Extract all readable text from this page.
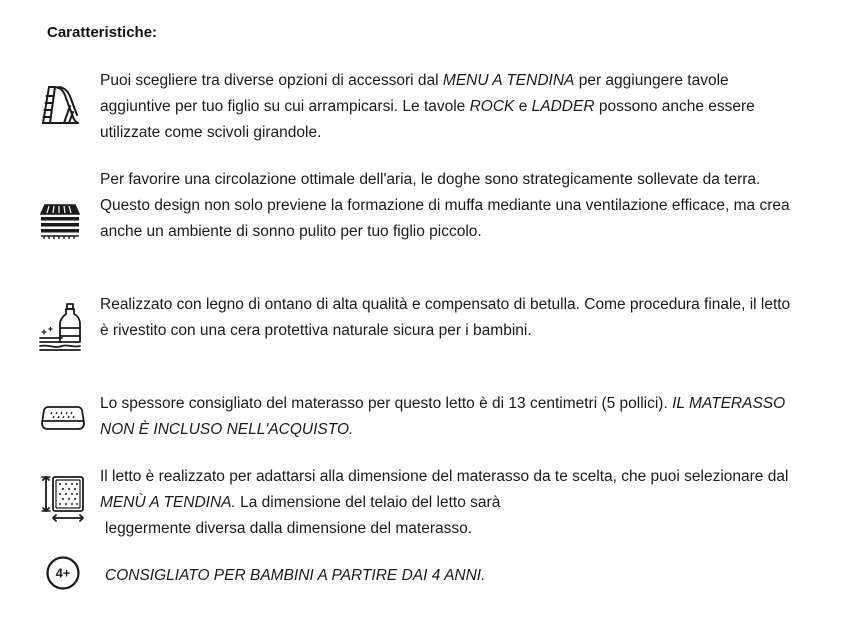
Caratteristiche:
Puoi scegliere tra diverse opzioni di accessori dal MENU A TENDINA per aggiungere tavole aggiuntive per tuo figlio su cui arrampicarsi. Le tavole ROCK e LADDER possono anche essere utilizzate come scivoli girandole.
Per favorire una circolazione ottimale dell'aria, le doghe sono strategicamente sollevate da terra. Questo design non solo previene la formazione di muffa mediante una ventilazione efficace, ma crea anche un ambiente di sonno pulito per tuo figlio piccolo.
Realizzato con legno di ontano di alta qualità e compensato di betulla. Come procedura finale, il letto è rivestito con una cera protettiva naturale sicura per i bambini.
Lo spessore consigliato del materasso per questo letto è di 13 centimetri (5 pollici). IL MATERASSO NON È INCLUSO NELL'ACQUISTO.
Il letto è realizzato per adattarsi alla dimensione del materasso da te scelta, che puoi selezionare dal MENÙ A TENDINA. La dimensione del telaio del letto sarà
leggermente diversa dalla dimensione del materasso.
4+ CONSIGLIATO PER BAMBINI A PARTIRE DAI 4 ANNI.
